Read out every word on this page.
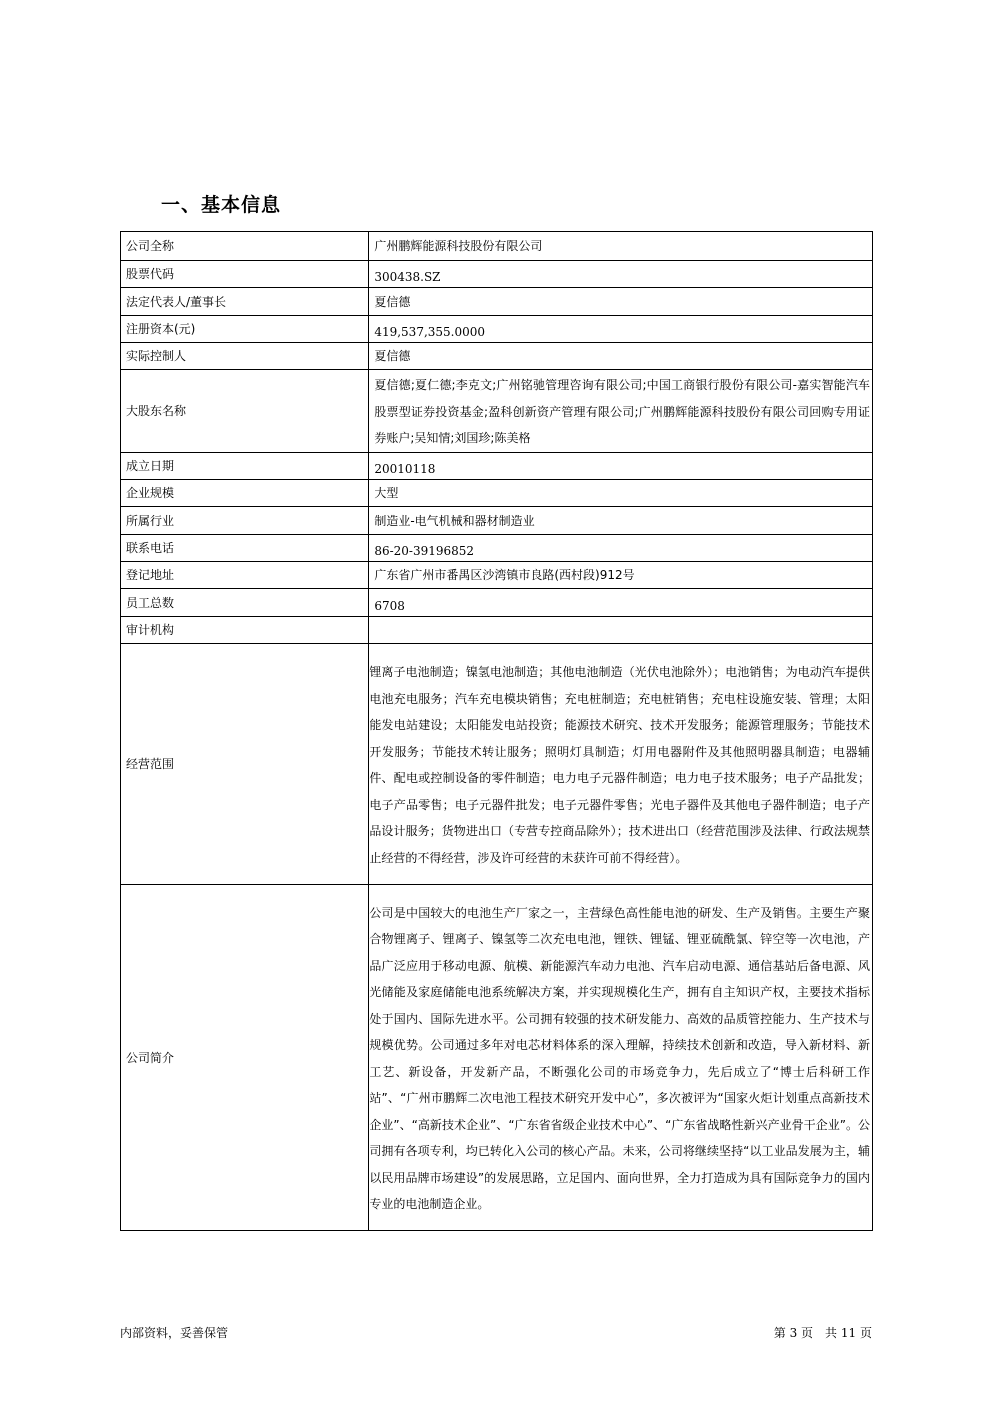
一、基本信息
公司全称	广州鹏辉能源科技股份有限公司
股票代码	300438.SZ
法定代表人/董事长	夏信德
注册资本(元)	419,537,355.0000
实际控制人	夏信德
大股东名称	夏信德;夏仁德;李克文;广州铭驰管理咨询有限公司;中国工商银行股份有限公司-嘉实智能汽车股票型证券投资基金;盈科创新资产管理有限公司;广州鹏辉能源科技股份有限公司回购专用证券账户;吴知情;刘国珍;陈美格
成立日期	20010118
企业规模	大型
所属行业	制造业-电气机械和器材制造业
联系电话	86-20-39196852
登记地址	广东省广州市番禺区沙湾镇市良路(西村段)912号
员工总数	6708
审计机构	
经营范围	锂离子电池制造；镍氢电池制造；其他电池制造（光伏电池除外）；电池销售；为电动汽车提供电池充电服务；汽车充电模块销售；充电桩制造；充电桩销售；充电柱设施安装、管理；太阳能发电站建设；太阳能发电站投资；能源技术研究、技术开发服务；能源管理服务；节能技术开发服务；节能技术转让服务；照明灯具制造；灯用电器附件及其他照明器具制造；电器辅件、配电或控制设备的零件制造；电力电子元器件制造；电力电子技术服务；电子产品批发；电子产品零售；电子元器件批发；电子元器件零售；光电子器件及其他电子器件制造；电子产品设计服务；货物进出口（专营专控商品除外）；技术进出口（经营范围涉及法律、行政法规禁止经营的不得经营，涉及许可经营的未获许可前不得经营）。
公司简介	公司是中国较大的电池生产厂家之一，主营绿色高性能电池的研发、生产及销售。主要生产聚合物锂离子、锂离子、镍氢等二次充电电池，锂铁、锂锰、锂亚硫酰氯、锌空等一次电池，产品广泛应用于移动电源、航模、新能源汽车动力电池、汽车启动电源、通信基站后备电源、风光储能及家庭储能电池系统解决方案，并实现规模化生产，拥有自主知识产权，主要技术指标处于国内、国际先进水平。公司拥有较强的技术研发能力、高效的品质管控能力、生产技术与规模优势。公司通过多年对电芯材料体系的深入理解，持续技术创新和改造，导入新材料、新工艺、新设备，开发新产品，不断强化公司的市场竞争力，先后成立了“博士后科研工作站”、“广州市鹏辉二次电池工程技术研究开发中心”，多次被评为“国家火炬计划重点高新技术企业”、“高新技术企业”、“广东省省级企业技术中心”、“广东省战略性新兴产业骨干企业”。公司拥有各项专利，均已转化入公司的核心产品。未来，公司将继续坚持“以工业品发展为主，辅以民用品牌市场建设”的发展思路，立足国内、面向世界，全力打造成为具有国际竞争力的国内专业的电池制造企业。
内部资料，妥善保管	第 3 页　共 11 页
